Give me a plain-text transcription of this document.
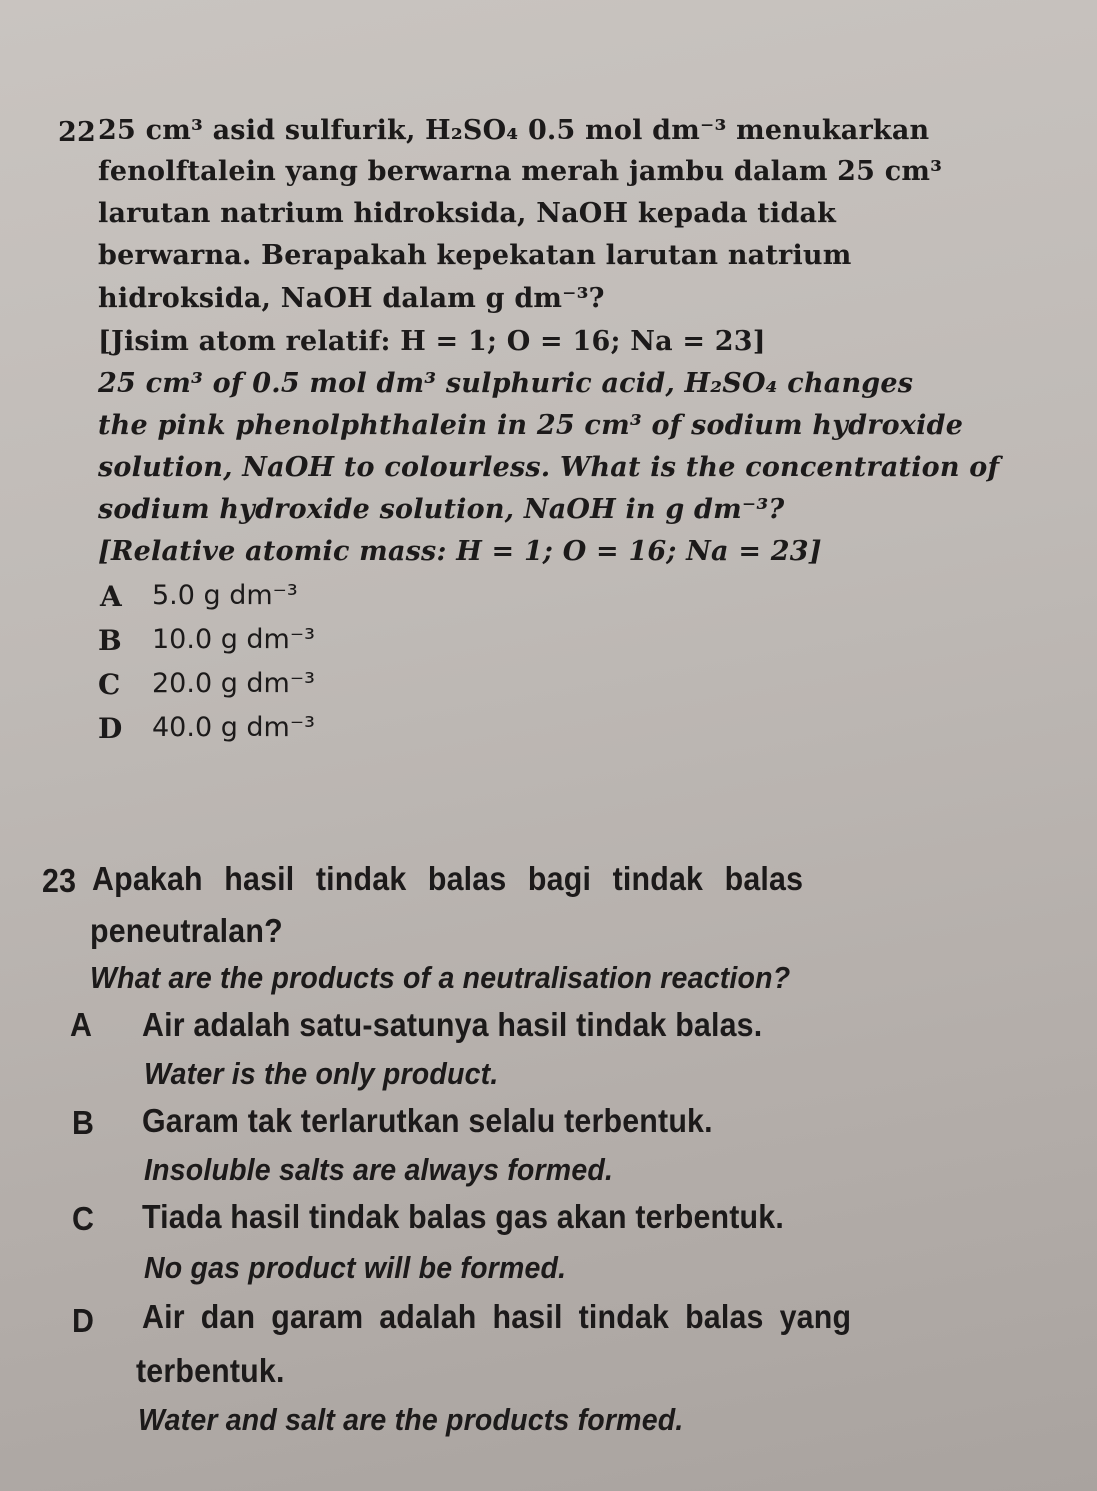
22 25 cm³ asid sulfurik, H₂SO₄ 0.5 mol dm⁻³ menukarkan
fenolftalein yang berwarna merah jambu dalam 25 cm³
larutan natrium hidroksida, NaOH kepada tidak
berwarna. Berapakah kepekatan larutan natrium
hidroksida, NaOH dalam g dm⁻³?
[Jisim atom relatif: H = 1; O = 16; Na = 23]
25 cm³ of 0.5 mol dm³ sulphuric acid, H₂SO₄ changes
the pink phenolphthalein in 25 cm³ of sodium hydroxide
solution, NaOH to colourless. What is the concentration of
sodium hydroxide solution, NaOH in g dm⁻³?
[Relative atomic mass: H = 1; O = 16; Na = 23]
A 5.0 g dm⁻³
B 10.0 g dm⁻³
C 20.0 g dm⁻³
D 40.0 g dm⁻³
23 Apakah hasil tindak balas bagi tindak balas
peneutralan?
What are the products of a neutralisation reaction?
A Air adalah satu-satunya hasil tindak balas.
Water is the only product.
B Garam tak terlarutkan selalu terbentuk.
Insoluble salts are always formed.
C Tiada hasil tindak balas gas akan terbentuk.
No gas product will be formed.
D Air dan garam adalah hasil tindak balas yang
terbentuk.
Water and salt are the products formed.
